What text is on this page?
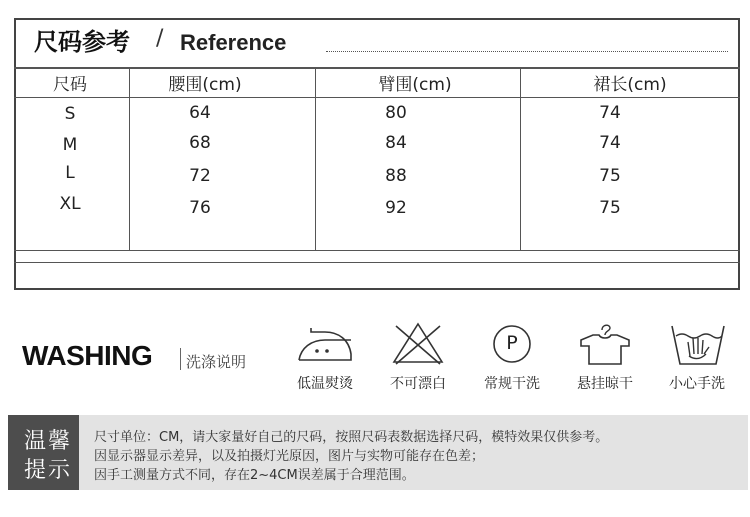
尺码参考 / Reference
尺码	腰围(cm)	臂围(cm)	裙长(cm)
S	64	80	74
M	68	84	74
L	72	88	75
XL	76	92	75
WASHING 洗涤说明
低温熨烫	不可漂白
P
常规干洗	悬挂晾干	小心手洗
温馨
提示
尺寸单位：CM，请大家量好自己的尺码，按照尺码表数据选择尺码，模特效果仅供参考。
因显示器显示差异，以及拍摄灯光原因，图片与实物可能存在色差；
因手工测量方式不同，存在2~4CM误差属于合理范围。
